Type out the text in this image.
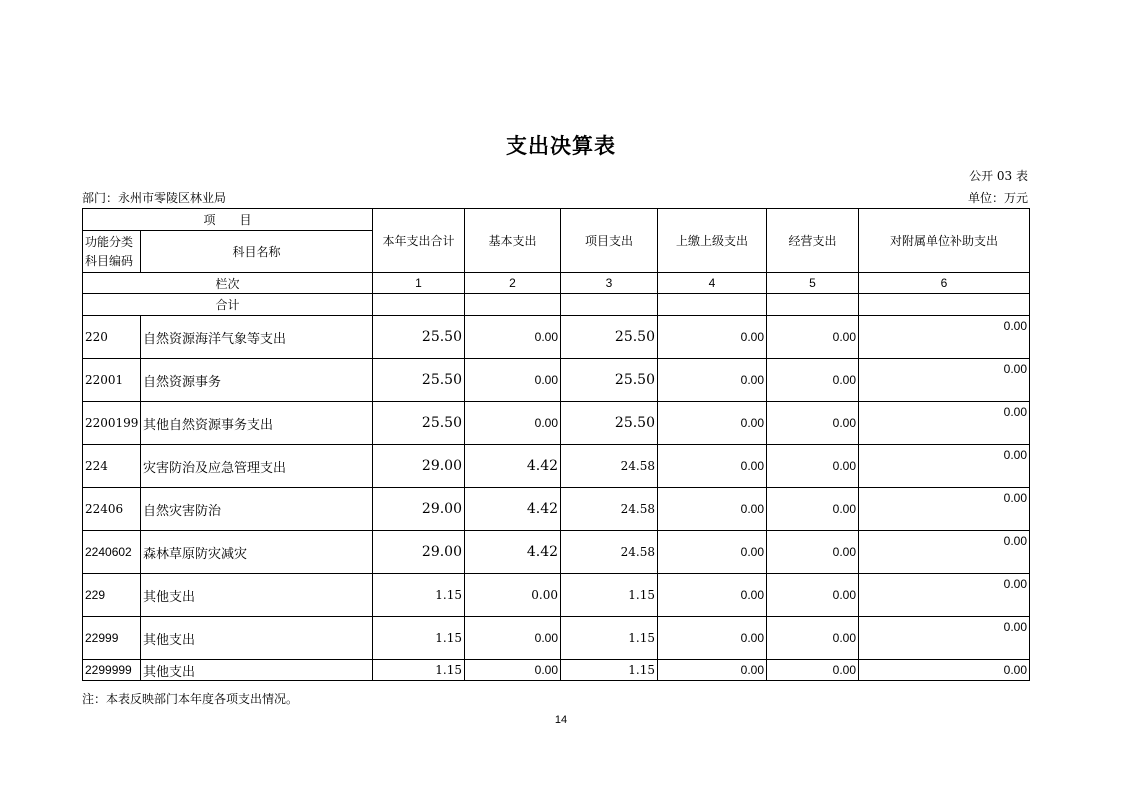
支出决算表
公开 03 表
部门：永州市零陵区林业局	单位：万元
项　　目		本年支出合计	基本支出	项目支出	上缴上级支出	经营支出	对附属单位补助支出

功能分类
科目编码	科目名称						

栏次		1	2	3	4	5	6
合计							
220	自然资源海洋气象等支出	25.50	0.00	25.50	0.00	0.00	0.00
22001	自然资源事务	25.50	0.00	25.50	0.00	0.00	0.00
2200199	其他自然资源事务支出	25.50	0.00	25.50	0.00	0.00	0.00
224	灾害防治及应急管理支出	29.00	4.42	24.58	0.00	0.00	0.00
22406	自然灾害防治	29.00	4.42	24.58	0.00	0.00	0.00
2240602	森林草原防灾减灾	29.00	4.42	24.58	0.00	0.00	0.00
229	其他支出	1.15	0.00	1.15	0.00	0.00	0.00
22999	其他支出	1.15	0.00	1.15	0.00	0.00	0.00
2299999	其他支出	1.15	0.00	1.15	0.00	0.00	0.00
注：本表反映部门本年度各项支出情况。
14
